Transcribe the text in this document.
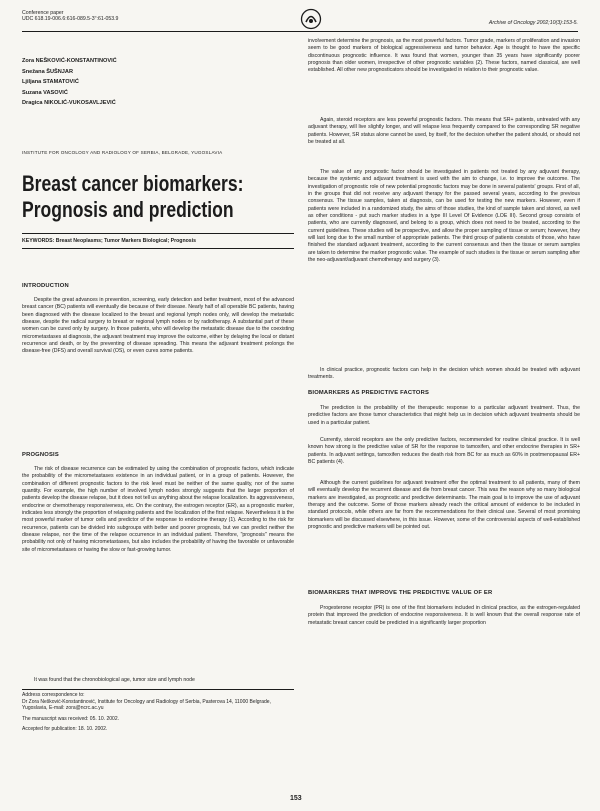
Conference paper
UDC 618.19-006.6:616-089.5-3ʺ:61-053.9
Archive of Oncology 2002;10(3):153-5.
Zora NEŠKOVIĆ-KONSTANTINOVIĆ
Snežana ŠUŠNJAR
Ljiljana STAMATOVIĆ
Suzana VASOVIĆ
Dragica NIKOLIĆ-VUKOSAVLJEVIĆ
INSTITUTE FOR ONCOLOGY AND RADIOLOGY OF SERBIA, BELGRADE, YUGOSLAVIA
Breast cancer biomarkers:
Prognosis and prediction
KEYWORDS: Breast Neoplasms; Tumor Markers Biological; Prognosis
INTRODUCTION

Despite the great advances in prevention, screening, early detection and better treatment, most of the advanced breast cancer (BC) patients will eventually die because of their disease. Nearly half of all operable BC patients, having been diagnosed with the disease localized to the breast and regional lymph nodes only, will develop the metastatic disease, despite the radical surgery to breast or regional lymph nodes or by radiotherapy. A substantial part of these women can be cured only by surgery. In those patients, who will develop the metastatic disease due to the coexisting micrometastases at diagnosis, the adjuvant treatment may improve the outcome, either by delaying the local or distant recurrence and death, or by the preventing of disease spreading. This means the adjuvant treatment prolongs the disease-free (DFS) and overall survival (OS), or even cures some patients.

PROGNOSIS

The risk of disease recurrence can be estimated by using the combination of prognostic factors, which indicate the probability of the micrometastases existence in an individual patient, or in a group of patients. However, the combination of different prognostic factors to the risk level must be neither of the same quality, nor of the same quantity. For example, the high number of involved lymph nodes strongly suggests that the larger proportion of patients develop the disease relapse, but it does not tell us anything about the relapse localization. Its aggressiveness, endocrine or chemotherapy responsiveness, etc. On the contrary, the estrogen receptor (ER), as a prognostic marker, indicates less strongly the proportion of relapsing patients and the localization of the first relapse. Nevertheless it is the most powerful marker of tumor cells and predictor of the response to endocrine therapy (1). According to the risk for recurrence, patients can be divided into subgroups with better and poorer prognosis, but we can predict neither the disease relapse, nor the time of the relapse occurrence in an individual patient. Therefore, "prognosis" means the probability not only of having micrometastases, but also includes the probability of having the favorable or unfavorable site of micrometastases or having the slow or fast-growing tumor.

It was found that the chronobiological age, tumor size and lymph node

Address correspondence to:
Dr Zora Nešković-Konstantinović, Institute for Oncology and Radiology of Serbia, Pasterova 14, 11000 Belgrade, Yugoslavia, E-mail: zora@ncrc.ac.yu
The manuscript was received: 05. 10. 2002.
Accepted for publication: 18. 10. 2002.

involvement determine the prognosis, as the most powerful factors. Tumor grade, markers of proliferation and invasion seem to be good markers of biological aggressiveness and tumor behavior. Age is thought to have the specific discontinuous prognostic influence. It was found that women, younger than 35 years have significantly poorer prognosis than older women, irrespective of other prognostic variables (2). These factors, named classical, are well established. All other new prognosticators should be investigated in relation to their prognostic value.

Again, steroid receptors are less powerful prognostic factors. This means that SR+ patients, untreated with any adjuvant therapy, will live slightly longer, and will relapse less frequently compared to the corresponding SR negative patients. However, SR status alone cannot be used, by itself, for the decision whether the patient should, or should not be treated at all.

The value of any prognostic factor should be investigated in patients not treated by any adjuvant therapy, because the systemic and adjuvant treatment is used with the aim to change, i.e. to improve the outcome. The investigation of prognostic role of new potential prognostic factors may be done in several patients' groups. First of all, in the groups that did not receive any adjuvant therapy for the passed several years, according to the previous consensus. The tissue samples, taken at diagnosis, can be used for testing the new markers. However, even if patients were included in a randomized study, the aims of those studies, the kind of sample taken and stored, as well as other conditions - put such marker studies in a type III Level Of Evidence (LOE III). Second group consists of patients, who are currently diagnosed, and belong to a group, which does not need to be treated, according to the current guidelines. These studies will be prospective, and allow the proper sampling of tissue or serum; however, they will last long due to the small number of appropriate patients. The third group of patients consists of those, who have finished the standard adjuvant treatment, according to the current consensus and then the tissue or serum samples are taken to determine the marker prognostic value. The example of such studies is the tissue or serum sampling after the neo-adjuvant/adjuvant chemotherapy and surgery (3).

In clinical practice, prognostic factors can help in the decision which women should be treated with adjuvant treatments.

BIOMARKERS AS PREDICTIVE FACTORS

The prediction is the probability of the therapeutic response to a particular adjuvant treatment. Thus, the predictive factors are those tumor characteristics that might help us in decision which adjuvant treatments should be used in a particular patient.

Currently, steroid receptors are the only predictive factors, recommended for routine clinical practice. It is well known how strong is the predictive value of SR for the response to tamoxifen, and other endocrine therapies in SR+ patients. In adjuvant settings, tamoxifen reduces the death risk from BC for as much as 60% in postmenopausal ER+ BC patients (4).

Although the current guidelines for adjuvant treatment offer the optimal treatment to all patients, many of them will eventually develop the recurrent disease and die from breast cancer. This was the reason why so many biological markers are investigated, as prognostic and predictive determinants. The main goal is to improve the use of adjuvant therapy and the outcome. Some of those markers already reach the critical amount of evidence to be included in standard protocols, while others are far from the recommendations for their clinical use. Several of most promising biomarkers will be discussed elsewhere, in this issue. However, some of the controversial aspects of well-established prognostic and predictive markers will be pointed out.

BIOMARKERS THAT IMPROVE THE PREDICTIVE VALUE OF ER

Progesterone receptor (PR) is one of the first biomarkers included in clinical practice, as the estrogen-regulated protein that improved the prediction of endocrine responsiveness. It is well known that the overall response rate of metastatic breast cancer could be predicted in a significantly larger proportion

153
